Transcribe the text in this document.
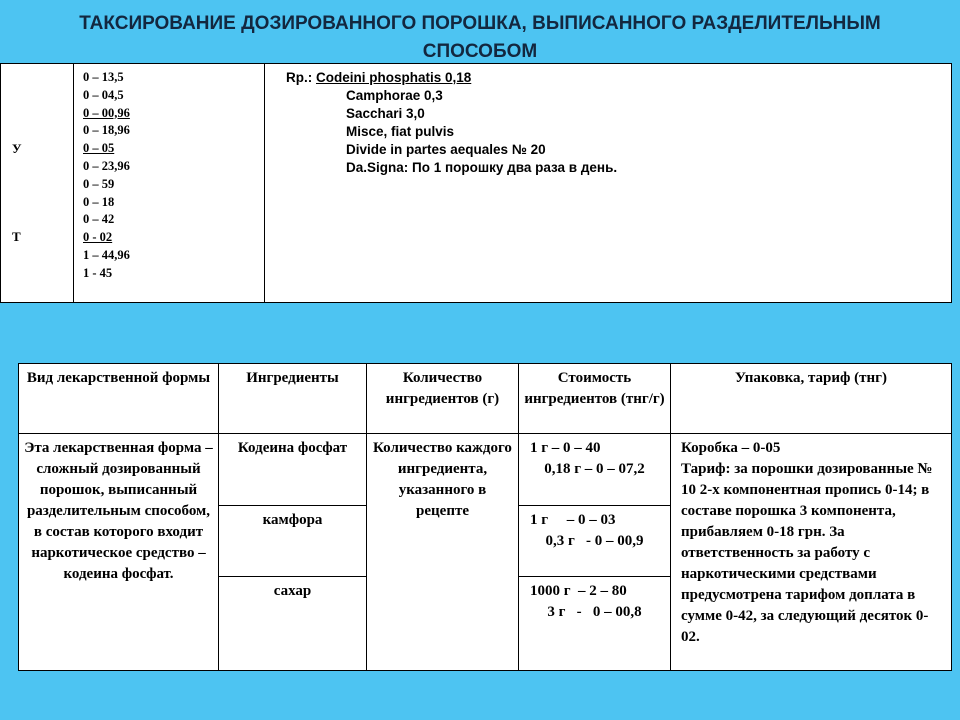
ТАКСИРОВАНИЕ ДОЗИРОВАННОГО ПОРОШКА, ВЫПИСАННОГО РАЗДЕЛИТЕЛЬНЫМ
СПОСОБОМ
У
Т
0 – 13,5
0 – 04,5
0 – 00,96
0 – 18,96
0 – 05
0 – 23,96
0 – 59
0 – 18
0 – 42
0 - 02
1 – 44,96
1 - 45
Rp.: Codeini phosphatis 0,18
Camphorae 0,3
Sacchari 3,0
Misce, fiat pulvis
Divide in partes aequales № 20
Da.Signa: По 1 порошку два раза в день.
Вид лекарственной формы	Ингредиенты	Количество ингредиентов (г)
Стоимость ингредиентов (тнг/г)
Упаковка, тариф (тнг)
Эта лекарственная форма – сложный дозированный порошок, выписанный разделительным способом, в состав которого входит наркотическое средство – кодеина фосфат.
Кодеина фосфат
камфора
сахар
Количество каждого ингредиента, указанного в рецепте
1 г – 0 – 40
0,18 г – 0 – 07,2
1 г     – 0 – 03
0,3 г   - 0 – 00,9
1000 г  – 2 – 80
3 г   -   0 – 00,8
Коробка – 0-05
Тариф: за порошки дозированные № 10 2-х компонентная пропись 0-14; в составе порошка 3 компонента, прибавляем 0-18 грн. За ответственность за работу с наркотическими средствами предусмотрена тарифом доплата в сумме 0-42, за следующий десяток 0-02.
